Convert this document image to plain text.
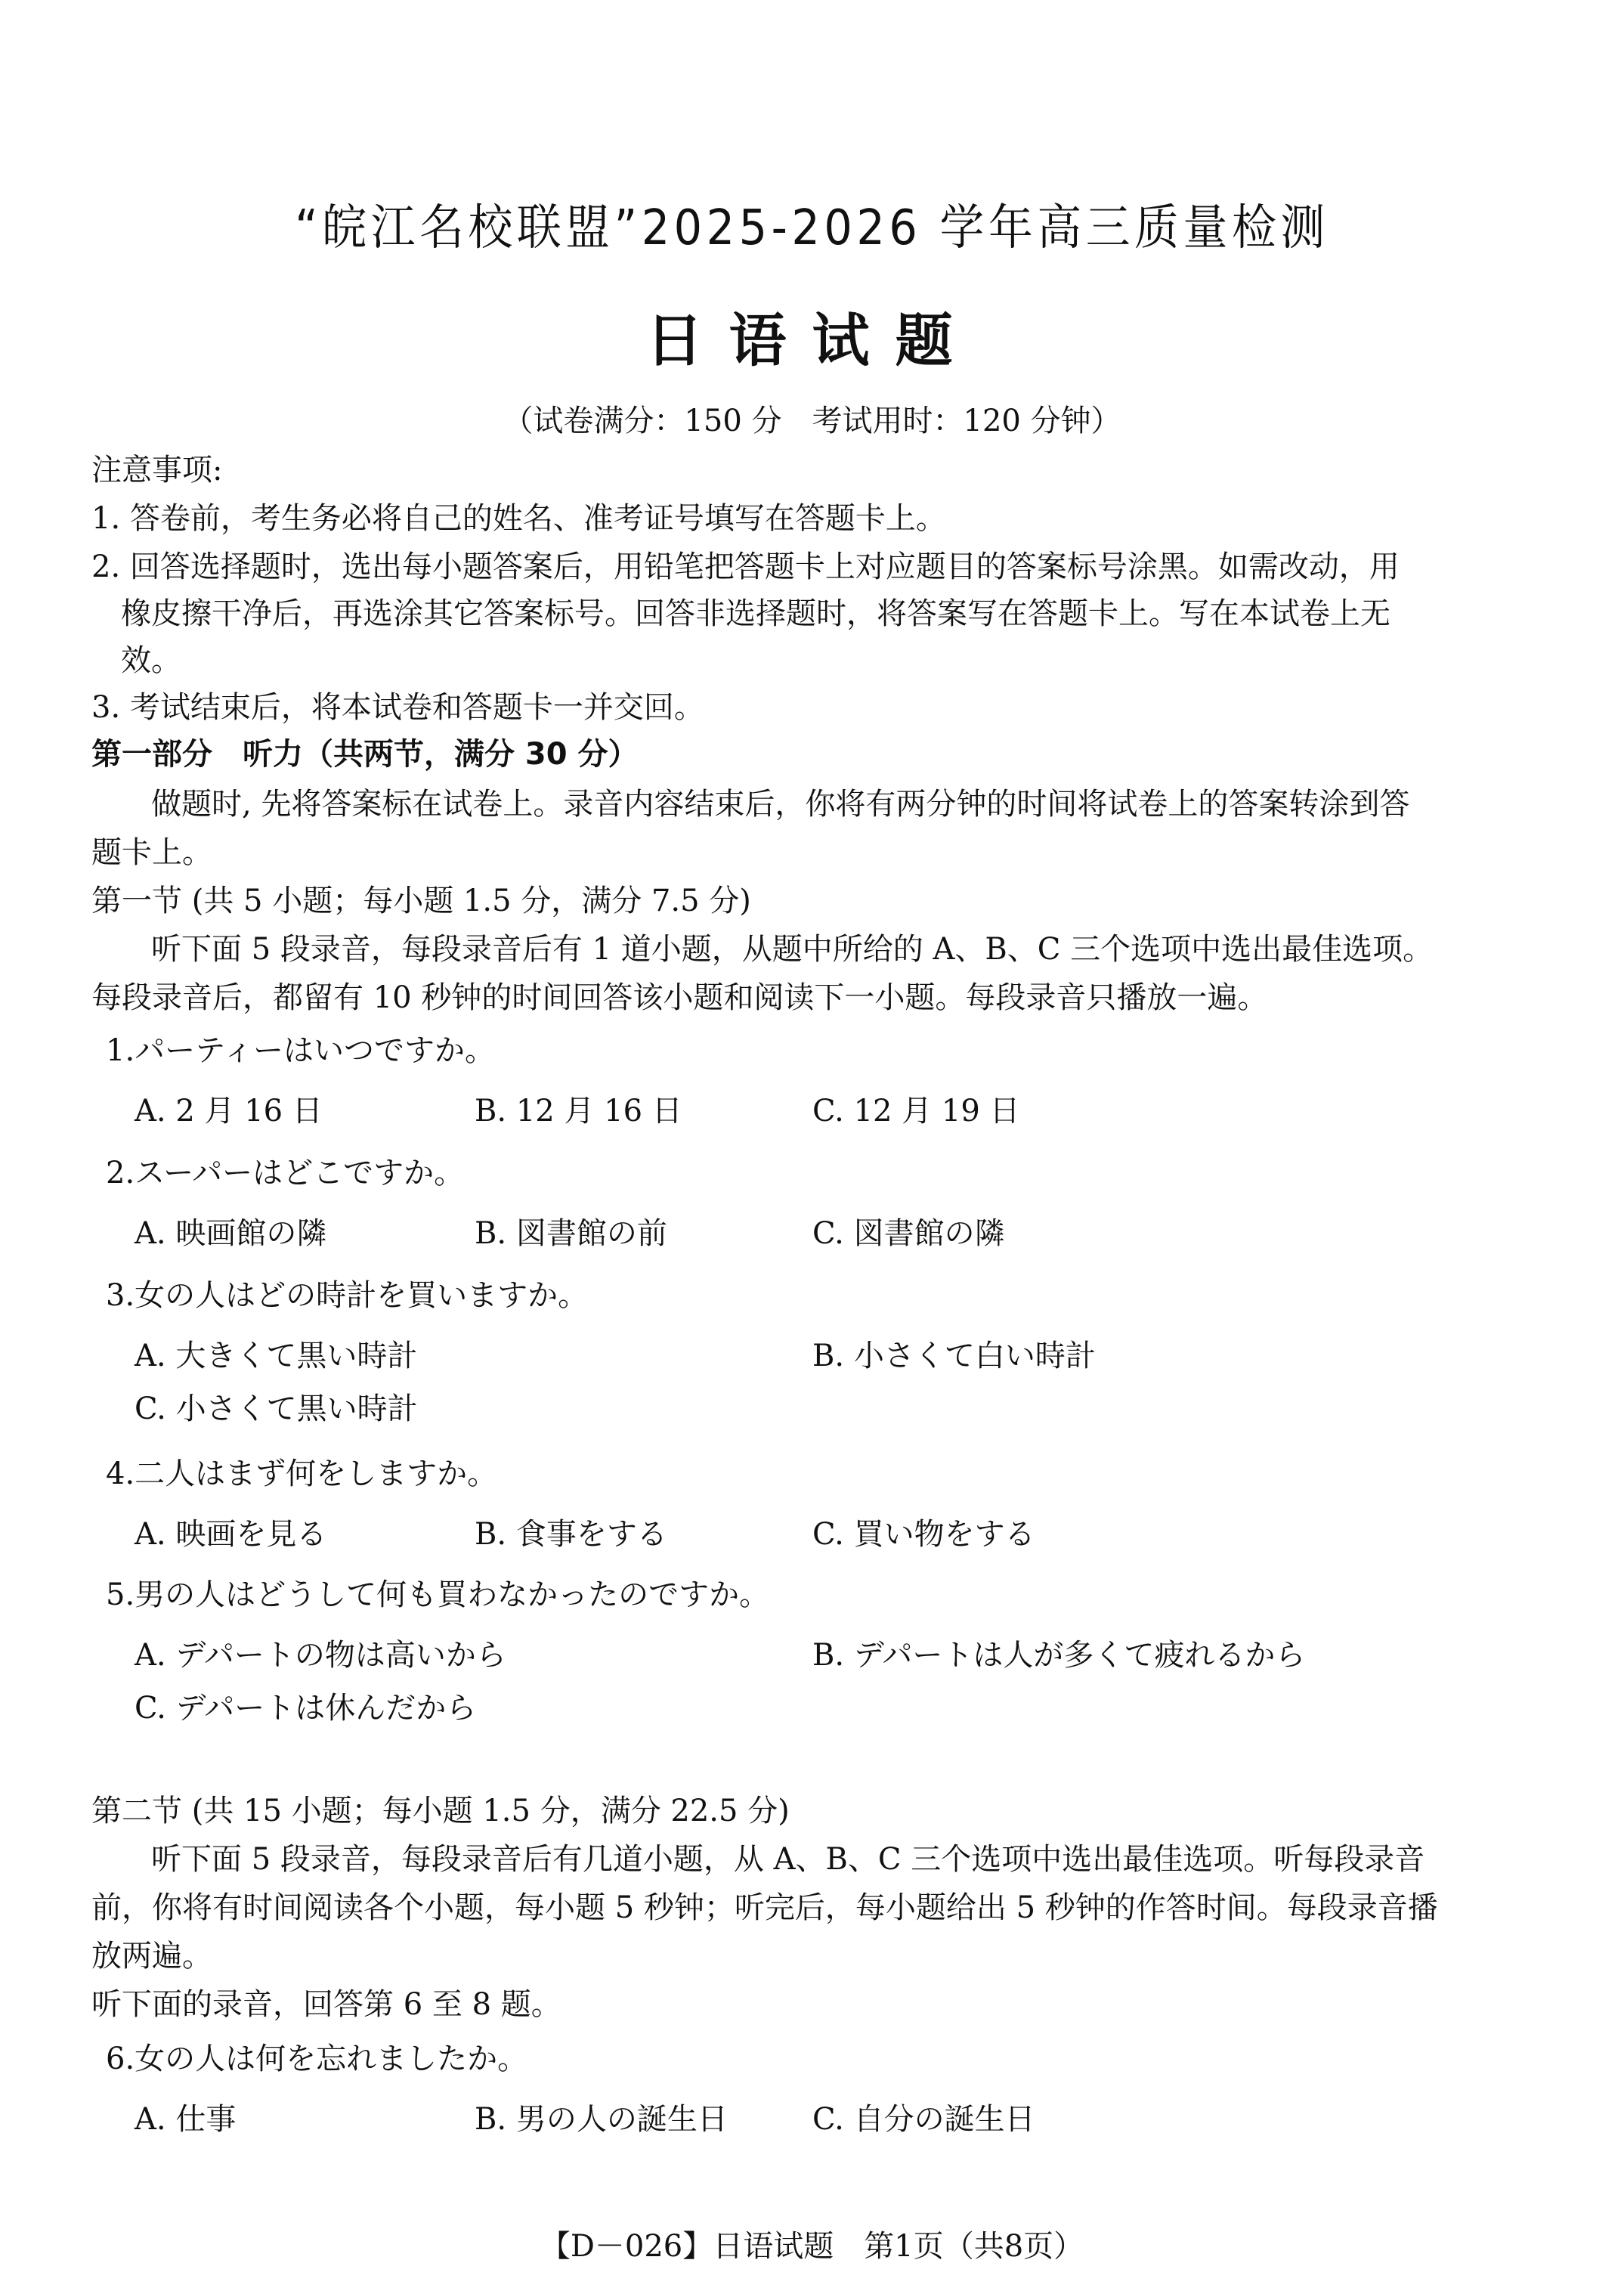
“皖江名校联盟”2025-2026 学年高三质量检测
日语试题
（试卷满分：150 分　考试用时：120 分钟）
注意事项:
1. 答卷前，考生务必将自己的姓名、准考证号填写在答题卡上。
2. 回答选择题时，选出每小题答案后，用铅笔把答题卡上对应题目的答案标号涂黑。如需改动，用
橡皮擦干净后，再选涂其它答案标号。回答非选择题时，将答案写在答题卡上。写在本试卷上无
效。
3. 考试结束后，将本试卷和答题卡一并交回。
第一部分　听力（共两节，满分 30 分）
做题时, 先将答案标在试卷上。录音内容结束后，你将有两分钟的时间将试卷上的答案转涂到答
题卡上。
第一节 (共 5 小题；每小题 1.5 分，满分 7.5 分)
听下面 5 段录音，每段录音后有 1 道小题，从题中所给的 A、B、C 三个选项中选出最佳选项。
每段录音后，都留有 10 秒钟的时间回答该小题和阅读下一小题。每段录音只播放一遍。
1.パーティーはいつですか。
A. 2 月 16 日	B. 12 月 16 日	C. 12 月 19 日
2.スーパーはどこですか。
A. 映画館の隣	B. 図書館の前	C. 図書館の隣
3.女の人はどの時計を買いますか。
A. 大きくて黒い時計	B. 小さくて白い時計
C. 小さくて黒い時計
4.二人はまず何をしますか。
A. 映画を見る	B. 食事をする	C. 買い物をする
5.男の人はどうして何も買わなかったのですか。
A. デパートの物は高いから	B. デパートは人が多くて疲れるから
C. デパートは休んだから
第二节 (共 15 小题；每小题 1.5 分，满分 22.5 分)
听下面 5 段录音，每段录音后有几道小题，从 A、B、C 三个选项中选出最佳选项。听每段录音
前，你将有时间阅读各个小题，每小题 5 秒钟；听完后，每小题给出 5 秒钟的作答时间。每段录音播
放两遍。
听下面的录音，回答第 6 至 8 题。
6.女の人は何を忘れましたか。
A. 仕事	B. 男の人の誕生日	C. 自分の誕生日
【D－026】日语试题　第1页（共8页）
